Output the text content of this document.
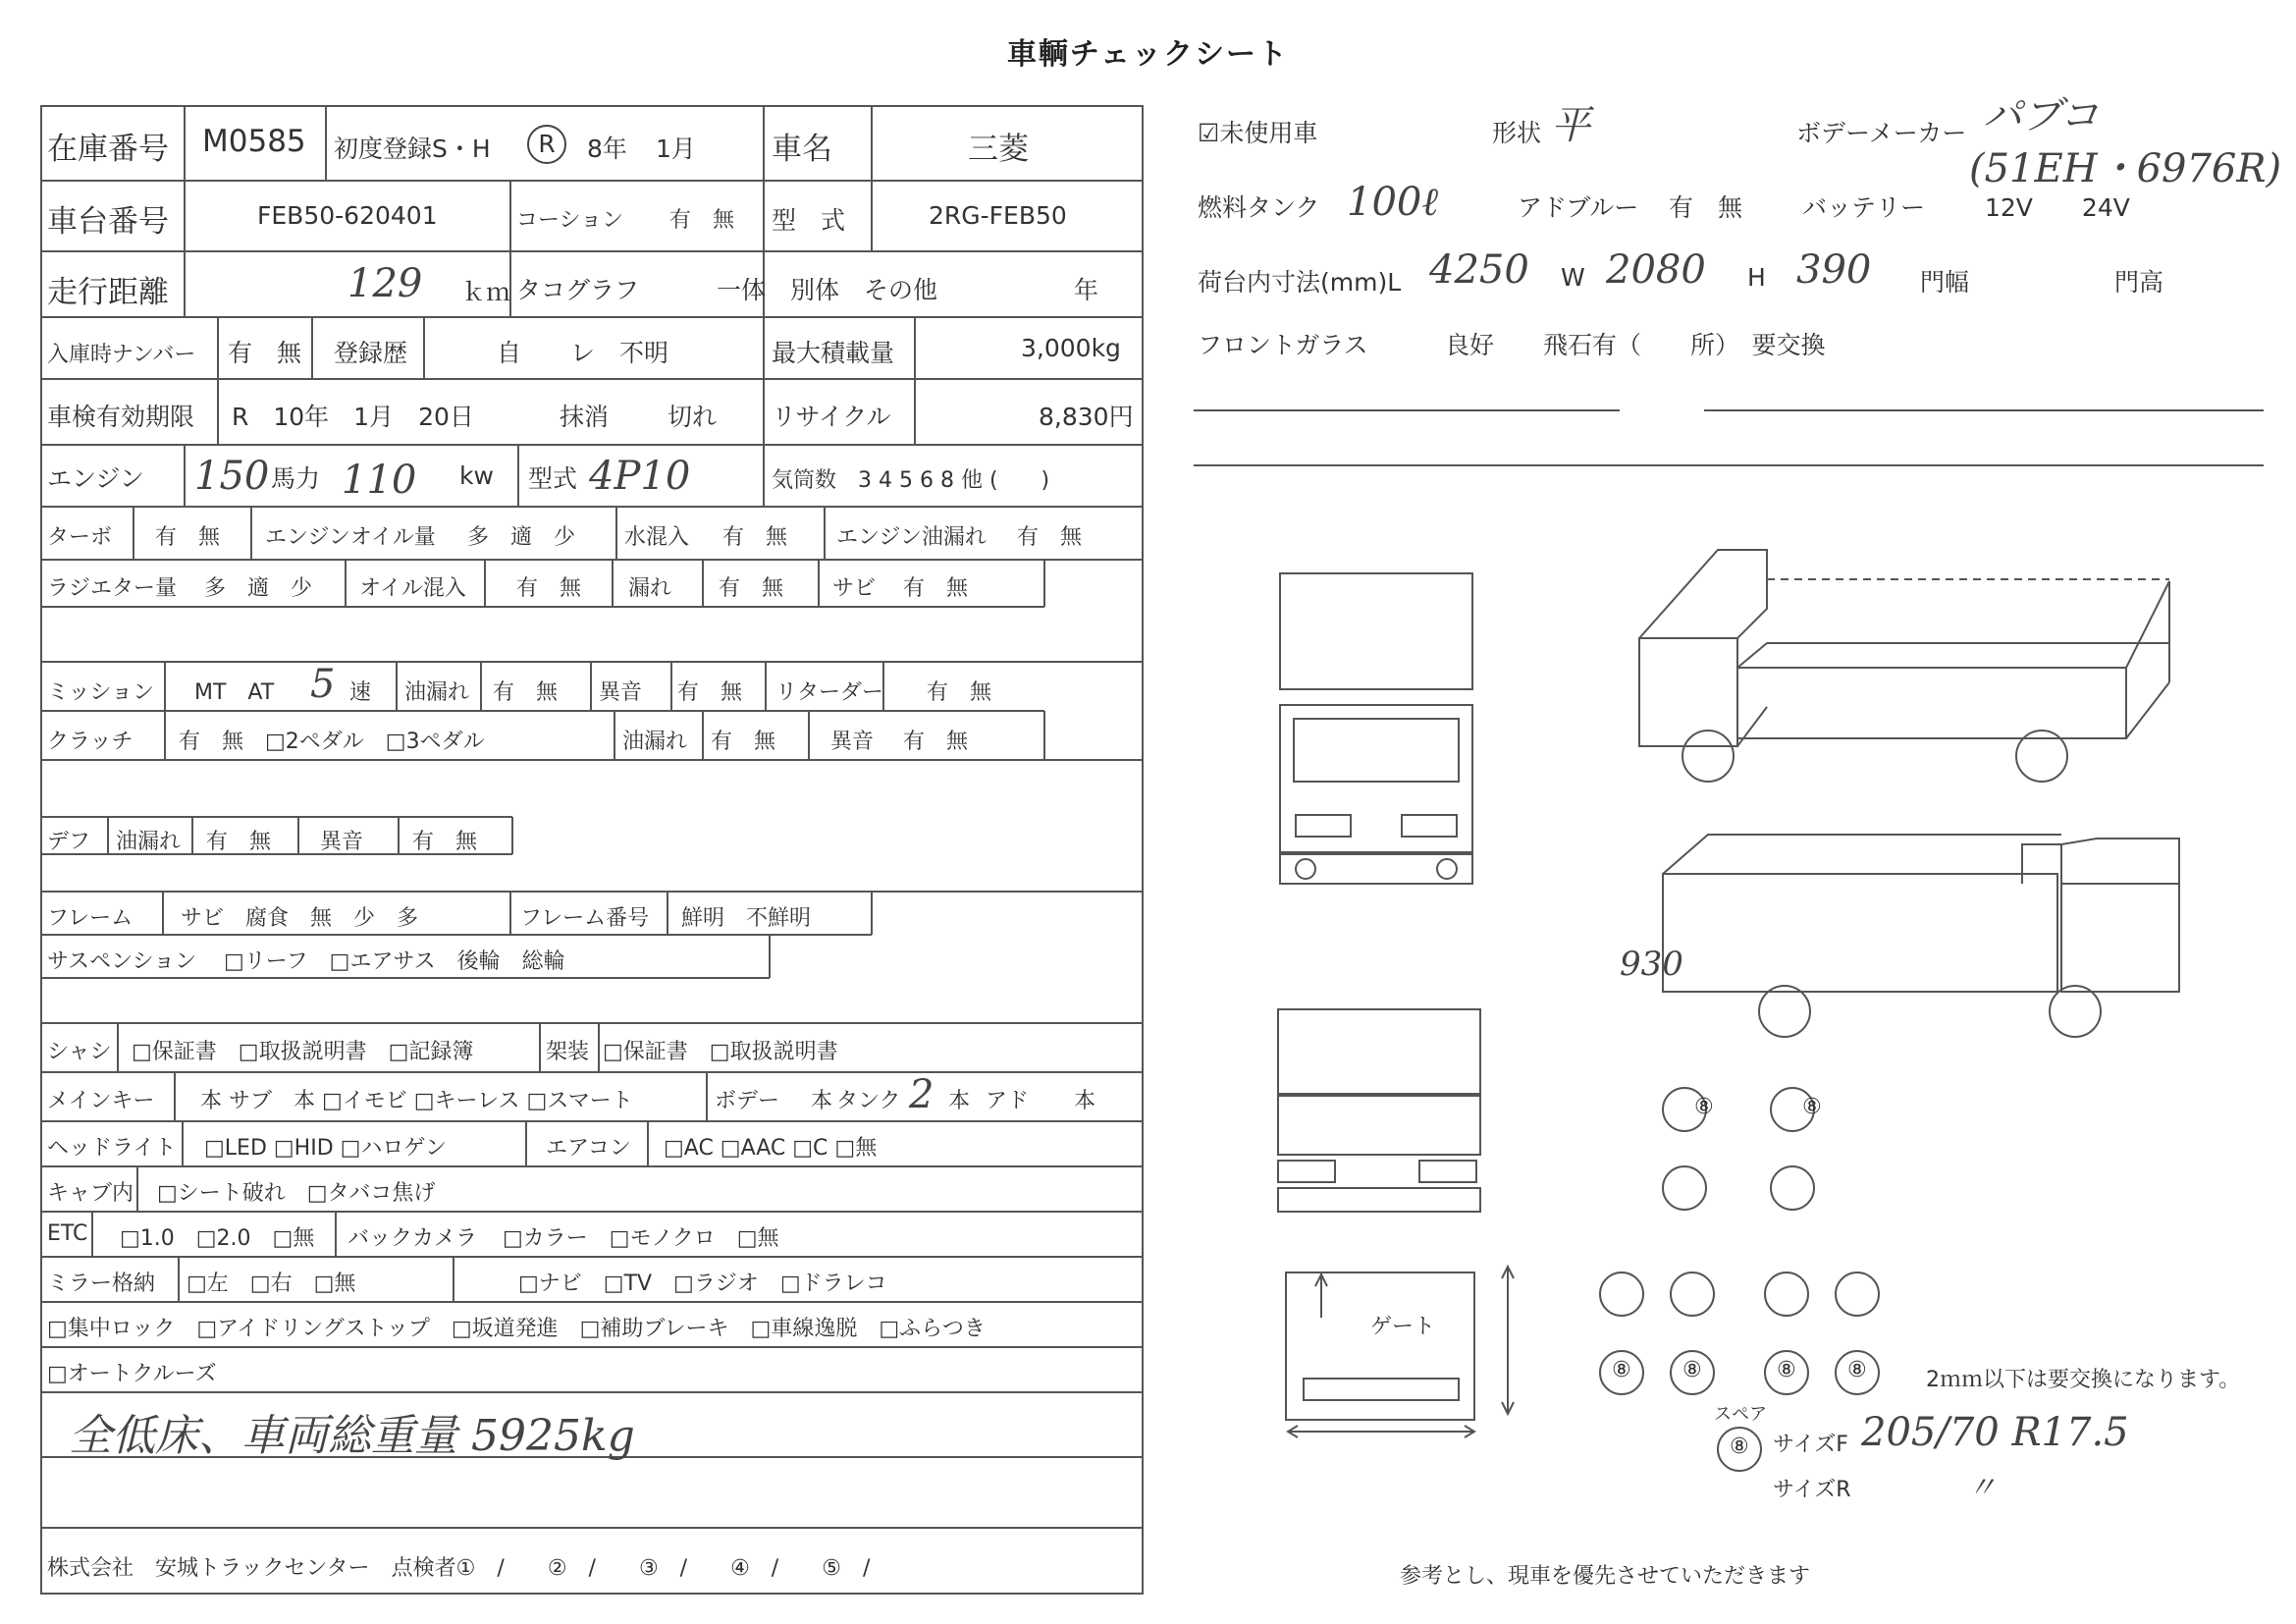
車輌チェックシート
在庫番号 M0585 初度登録S・H	R	8年 1月 車名	三菱
車台番号	FEB50-620401	コーション 有　無 型　式	2RG-FEB50
走行距離	129 ｋｍ タコグラフ	一体　別体　その他	年
入庫時ナンバー 有　無 登録歴	自　　レ　不明	最大積載量	3,000kg
車検有効期限 R　10年　1月　20日	抹消 切れ リサイクル	8,830円
エンジン 150 馬力 110 kw 型式 4P10	気筒数　3 4 5 6 8 他 (　　)
ターボ 有　無 エンジンオイル量 多　適　少 水混入 有　無 エンジン油漏れ 有　無
ラジエター量 多　適　少 オイル混入 有　無 漏れ 有　無 サビ 有　無
ミッション MT　AT 5 速 油漏れ 有　無 異音 有　無 リターダー 有　無
クラッチ 有　無　□2ペダル　□3ペダル	油漏れ 有　無	異音 有　無
デフ 油漏れ 有　無 異音 有　無
フレーム サビ　腐食　無　少　多	フレーム番号 鮮明　不鮮明
サスペンション □リーフ　□エアサス　後輪　総輪
シャシ □保証書　□取扱説明書　□記録簿	架装 □保証書　□取扱説明書
メインキー 本 サブ　本 □イモビ □キーレス □スマート	ボデー 本 タンク 2 本 アド 本
ヘッドライト □LED □HID □ハロゲン	エアコン □AC □AAC □C □無
キャブ内 □シート破れ　□タバコ焦げ
ETC □1.0　□2.0　□無 バックカメラ □カラー　□モノクロ　□無
ミラー格納 □左　□右　□無	□ナビ　□TV　□ラジオ　□ドラレコ
□集中ロック　□アイドリングストップ　□坂道発進　□補助ブレーキ　□車線逸脱　□ふらつき
□オートクルーズ
全低床、車両総重量 5925kg
株式会社　安城トラックセンター　点検者①　/　　②　/　　③　/　　④　/　　⑤　/
☑未使用車	形状 平	ボデーメーカー パブコ
(51EH・6976R)
燃料タンク 100ℓ	アドブルー 有　無 バッテリー 12V　　24V
荷台内寸法(mm)L 4250 W 2080 H 390 門幅	門高
フロントガラス	良好　　飛石有（　　所）　要交換
930
ゲート
⑧	⑧
⑧ ⑧	⑧ ⑧
⑧
2ｍｍ以下は要交換になります。
スペア
サイズF 205/70 R17.5
サイズR	〃
参考とし、現車を優先させていただきます
